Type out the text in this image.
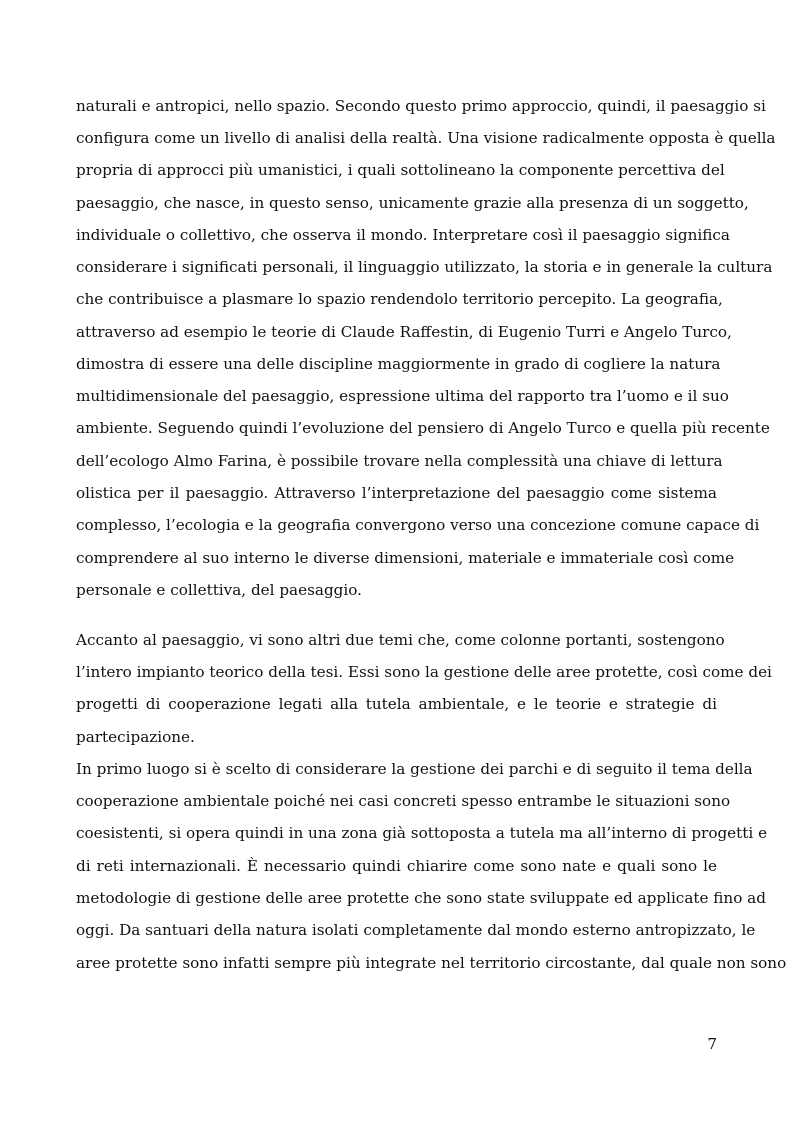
naturali e antropici, nello spazio. Secondo questo primo approccio, quindi, il paesaggio si
configura come un livello di analisi della realtà. Una visione radicalmente opposta è quella
propria di approcci più umanistici, i quali sottolineano la componente percettiva del
paesaggio, che nasce, in questo senso, unicamente grazie alla presenza di un soggetto,
individuale o collettivo, che osserva il mondo. Interpretare così il paesaggio significa
considerare i significati personali, il linguaggio utilizzato, la storia e in generale la cultura
che contribuisce a plasmare lo spazio rendendolo territorio percepito. La geografia,
attraverso ad esempio le teorie di Claude Raffestin, di Eugenio Turri e Angelo Turco,
dimostra di essere una delle discipline maggiormente in grado di cogliere la natura
multidimensionale del paesaggio, espressione ultima del rapporto tra l’uomo e il suo
ambiente. Seguendo quindi l’evoluzione del pensiero di Angelo Turco e quella più recente
dell’ecologo Almo Farina, è possibile trovare nella complessità una chiave di lettura
olistica per il paesaggio. Attraverso l’interpretazione del paesaggio come sistema
complesso, l’ecologia e la geografia convergono verso una concezione comune capace di
comprendere al suo interno le diverse dimensioni, materiale e immateriale così come
personale e collettiva, del paesaggio.
Accanto al paesaggio, vi sono altri due temi che, come colonne portanti, sostengono
l’intero impianto teorico della tesi. Essi sono la gestione delle aree protette, così come dei
progetti di cooperazione legati alla tutela ambientale, e le teorie e strategie di
partecipazione.
In primo luogo si è scelto di considerare la gestione dei parchi e di seguito il tema della
cooperazione ambientale poiché nei casi concreti spesso entrambe le situazioni sono
coesistenti, si opera quindi in una zona già sottoposta a tutela ma all’interno di progetti e
di reti internazionali. È necessario quindi chiarire come sono nate e quali sono le
metodologie di gestione delle aree protette che sono state sviluppate ed applicate fino ad
oggi. Da santuari della natura isolati completamente dal mondo esterno antropizzato, le
aree protette sono infatti sempre più integrate nel territorio circostante, dal quale non sono
7
